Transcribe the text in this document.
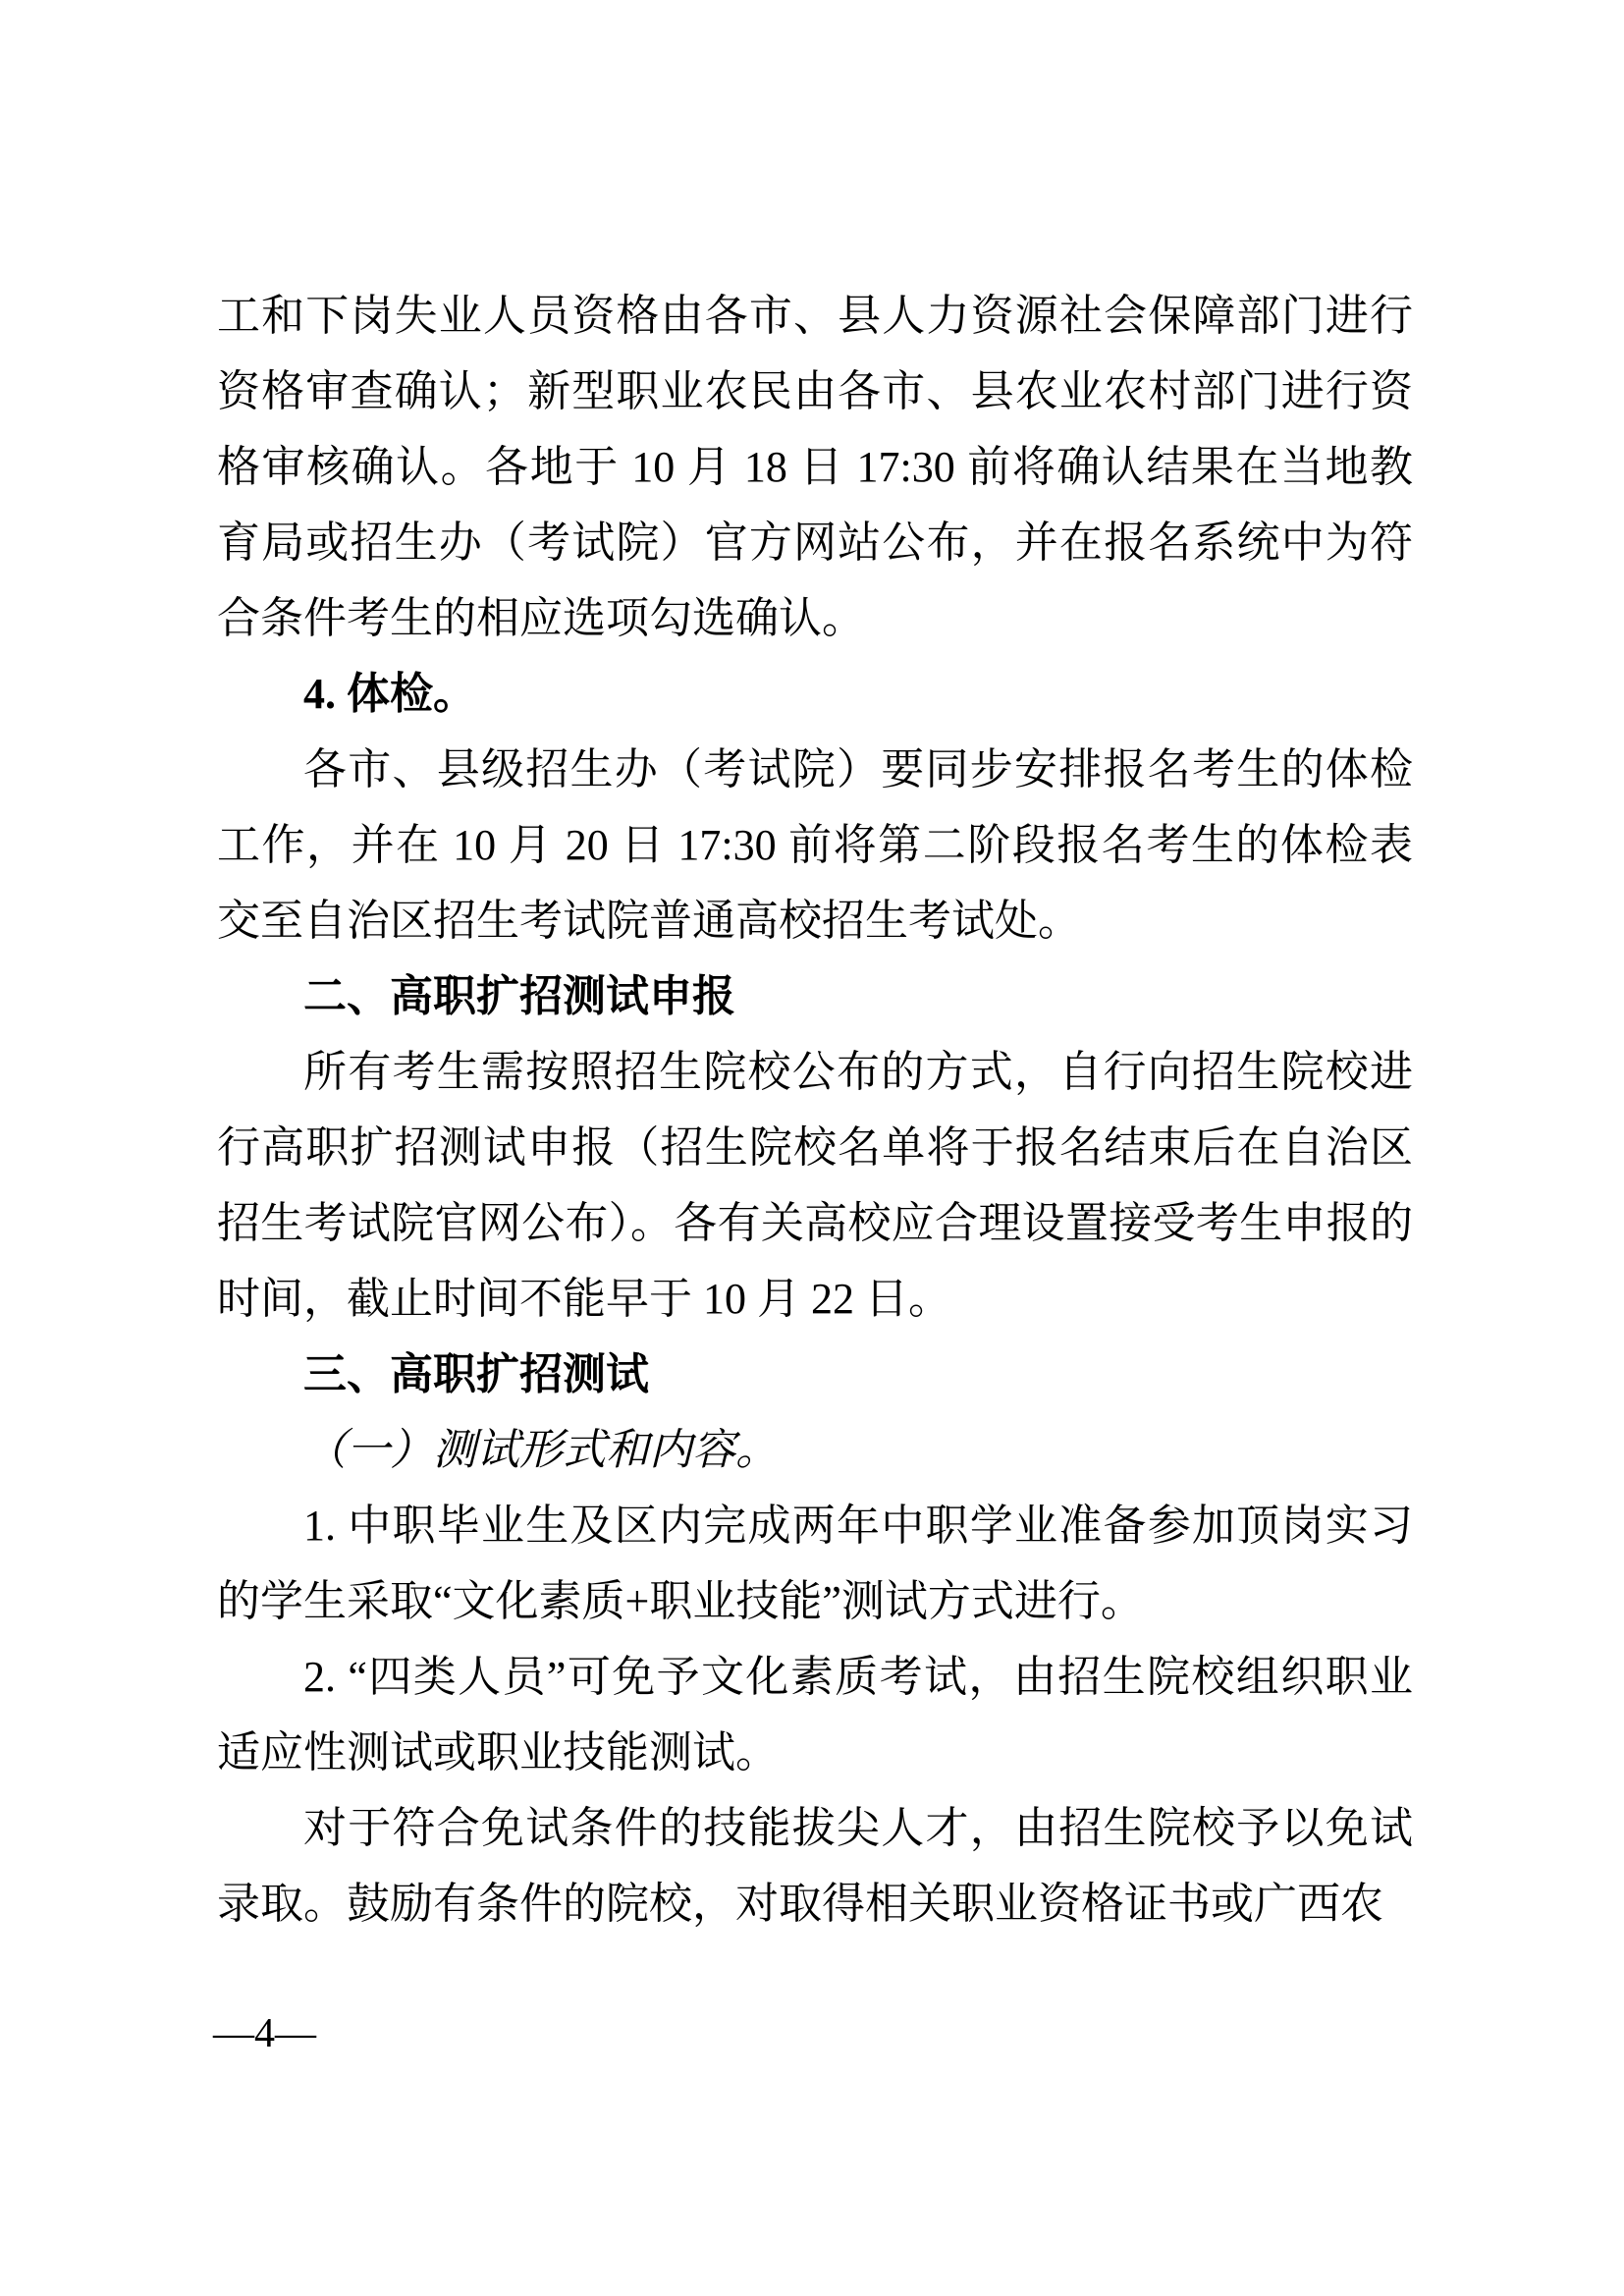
工和下岗失业人员资格由各市、县人力资源社会保障部门进行资格审查确认；新型职业农民由各市、县农业农村部门进行资格审核确认。各地于 10 月 18 日 17:30 前将确认结果在当地教育局或招生办（考试院）官方网站公布，并在报名系统中为符合条件考生的相应选项勾选确认。

4. 体检。

各市、县级招生办（考试院）要同步安排报名考生的体检工作，并在 10 月 20 日 17:30 前将第二阶段报名考生的体检表交至自治区招生考试院普通高校招生考试处。

二、高职扩招测试申报

所有考生需按照招生院校公布的方式，自行向招生院校进行高职扩招测试申报（招生院校名单将于报名结束后在自治区招生考试院官网公布）。各有关高校应合理设置接受考生申报的时间，截止时间不能早于 10 月 22 日。

三、高职扩招测试

（一）测试形式和内容。

1. 中职毕业生及区内完成两年中职学业准备参加顶岗实习的学生采取“文化素质+职业技能”测试方式进行。

2. “四类人员”可免予文化素质考试，由招生院校组织职业适应性测试或职业技能测试。

对于符合免试条件的技能拔尖人才，由招生院校予以免试录取。鼓励有条件的院校，对取得相关职业资格证书或广西农

—4—
